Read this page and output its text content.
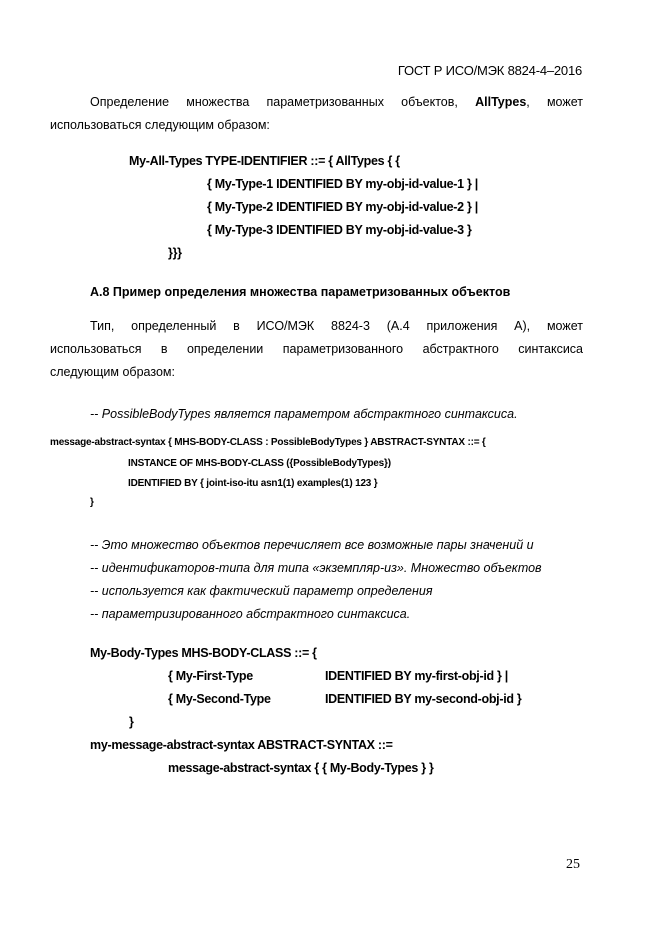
ГОСТ Р ИСО/МЭК 8824-4–2016

Определение множества параметризованных объектов, AllTypes, может

использоваться следующим образом:

My-All-Types TYPE-IDENTIFIER ::= { AllTypes { {
{ My-Type-1 IDENTIFIED BY my-obj-id-value-1 } |
{ My-Type-2 IDENTIFIED BY my-obj-id-value-2 } |
{ My-Type-3 IDENTIFIED BY my-obj-id-value-3 }
}}}
А.8 Пример определения множества параметризованных объектов

Тип, определенный в ИСО/МЭК 8824-3 (А.4 приложения А), может

использоваться в определении параметризованного абстрактного синтаксиса

следующим образом:

-- PossibleBodyTypes является параметром абстрактного синтаксиса.
message-abstract-syntax { MHS-BODY-CLASS : PossibleBodyTypes } ABSTRACT-SYNTAX ::= {
INSTANCE OF MHS-BODY-CLASS ({PossibleBodyTypes})
IDENTIFIED BY { joint-iso-itu asn1(1) examples(1) 123 }
}
-- Это множество объектов перечисляет все возможные пары значений и
-- идентификаторов-типа для типа «экземпляр-из». Множество объектов
-- используется как фактический параметр определения
-- параметризированного абстрактного синтаксиса.
My-Body-Types MHS-BODY-CLASS ::= {
{ My-First-Type	IDENTIFIED BY my-first-obj-id } |
{ My-Second-Type	IDENTIFIED BY my-second-obj-id }
}
my-message-abstract-syntax ABSTRACT-SYNTAX ::=
message-abstract-syntax { { My-Body-Types } }
25
